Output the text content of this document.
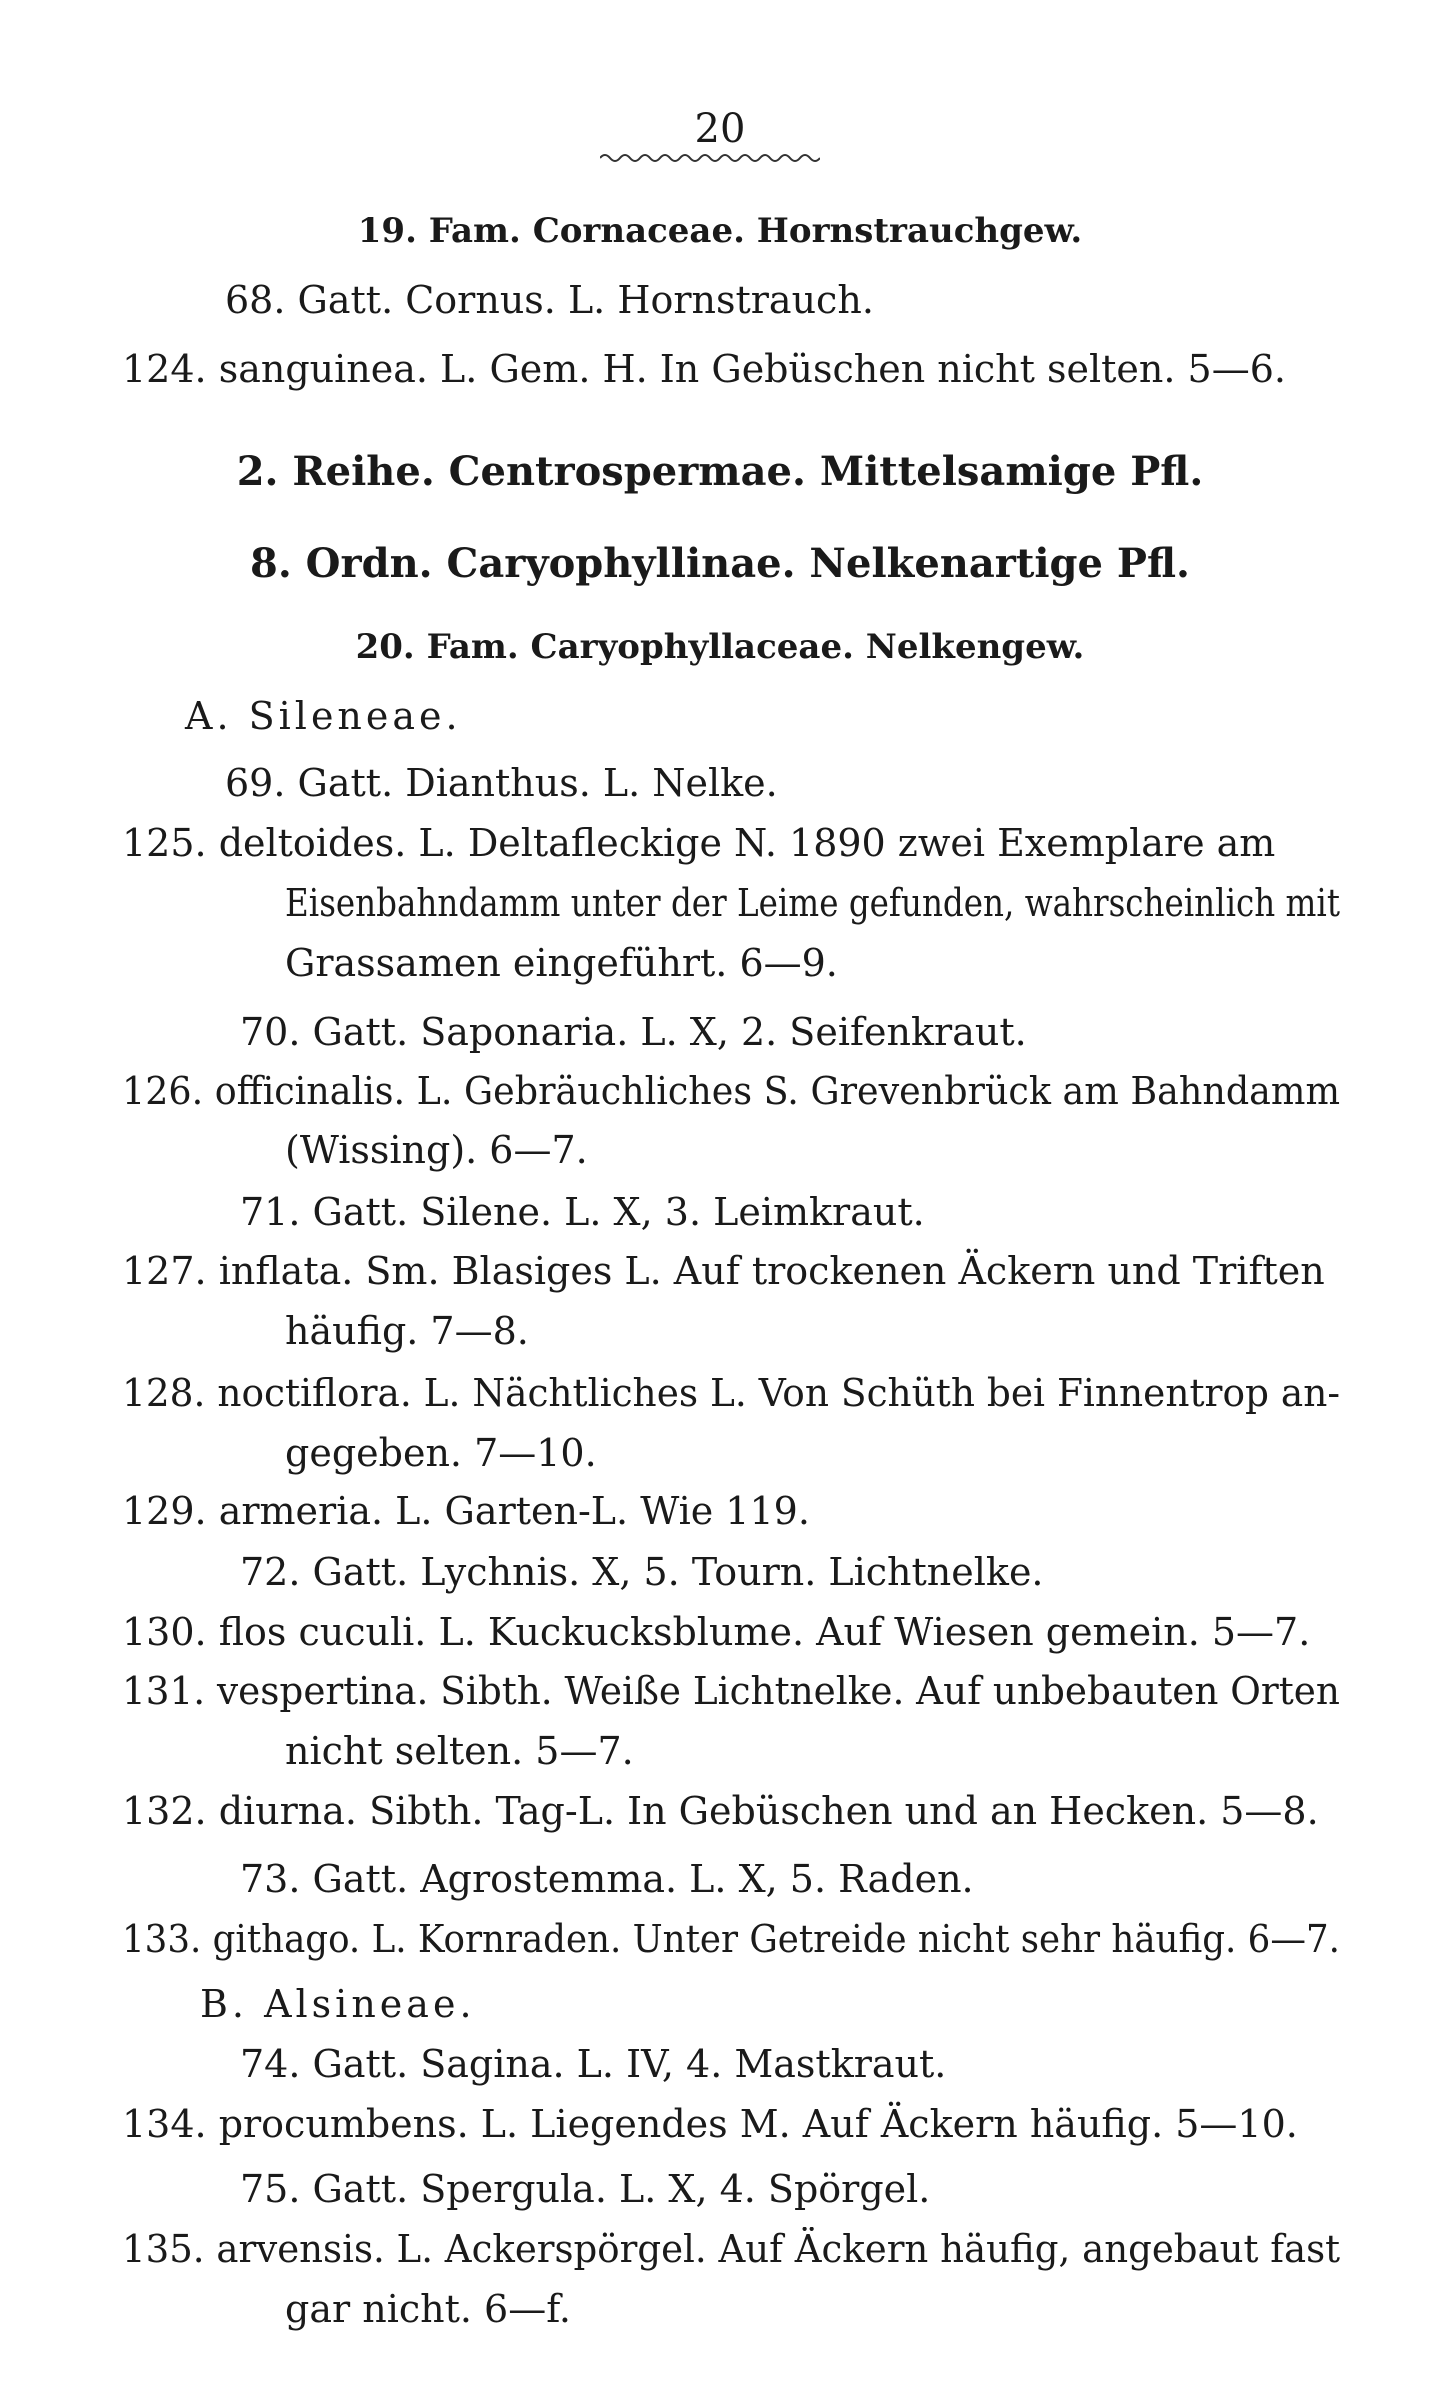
20
19. Fam. Cornaceae. Hornstrauchgew.
68. Gatt. Cornus. L. Hornstrauch.
124. sanguinea. L. Gem. H. In Gebüschen nicht selten. 5—6.
2. Reihe. Centrospermae. Mittelsamige Pfl.
8. Ordn. Caryophyllinae. Nelkenartige Pfl.
20. Fam. Caryophyllaceae. Nelkengew.
A. Sileneae.
69. Gatt. Dianthus. L. Nelke.
125. deltoides. L. Deltafleckige N. 1890 zwei Exemplare am
Eisenbahndamm unter der Leime gefunden, wahrscheinlich mit
Grassamen eingeführt. 6—9.
70. Gatt. Saponaria. L. X, 2. Seifenkraut.
126. officinalis. L. Gebräuchliches S. Grevenbrück am Bahndamm
(Wissing). 6—7.
71. Gatt. Silene. L. X, 3. Leimkraut.
127. inflata. Sm. Blasiges L. Auf trockenen Äckern und Triften
häufig. 7—8.
128. noctiflora. L. Nächtliches L. Von Schüth bei Finnentrop an-
gegeben. 7—10.
129. armeria. L. Garten-L. Wie 119.
72. Gatt. Lychnis. X, 5. Tourn. Lichtnelke.
130. flos cuculi. L. Kuckucksblume. Auf Wiesen gemein. 5—7.
131. vespertina. Sibth. Weiße Lichtnelke. Auf unbebauten Orten
nicht selten. 5—7.
132. diurna. Sibth. Tag-L. In Gebüschen und an Hecken. 5—8.
73. Gatt. Agrostemma. L. X, 5. Raden.
133. githago. L. Kornraden. Unter Getreide nicht sehr häufig. 6—7.
B. Alsineae.
74. Gatt. Sagina. L. IV, 4. Mastkraut.
134. procumbens. L. Liegendes M. Auf Äckern häufig. 5—10.
75. Gatt. Spergula. L. X, 4. Spörgel.
135. arvensis. L. Ackerspörgel. Auf Äckern häufig, angebaut fast
gar nicht. 6—f.
